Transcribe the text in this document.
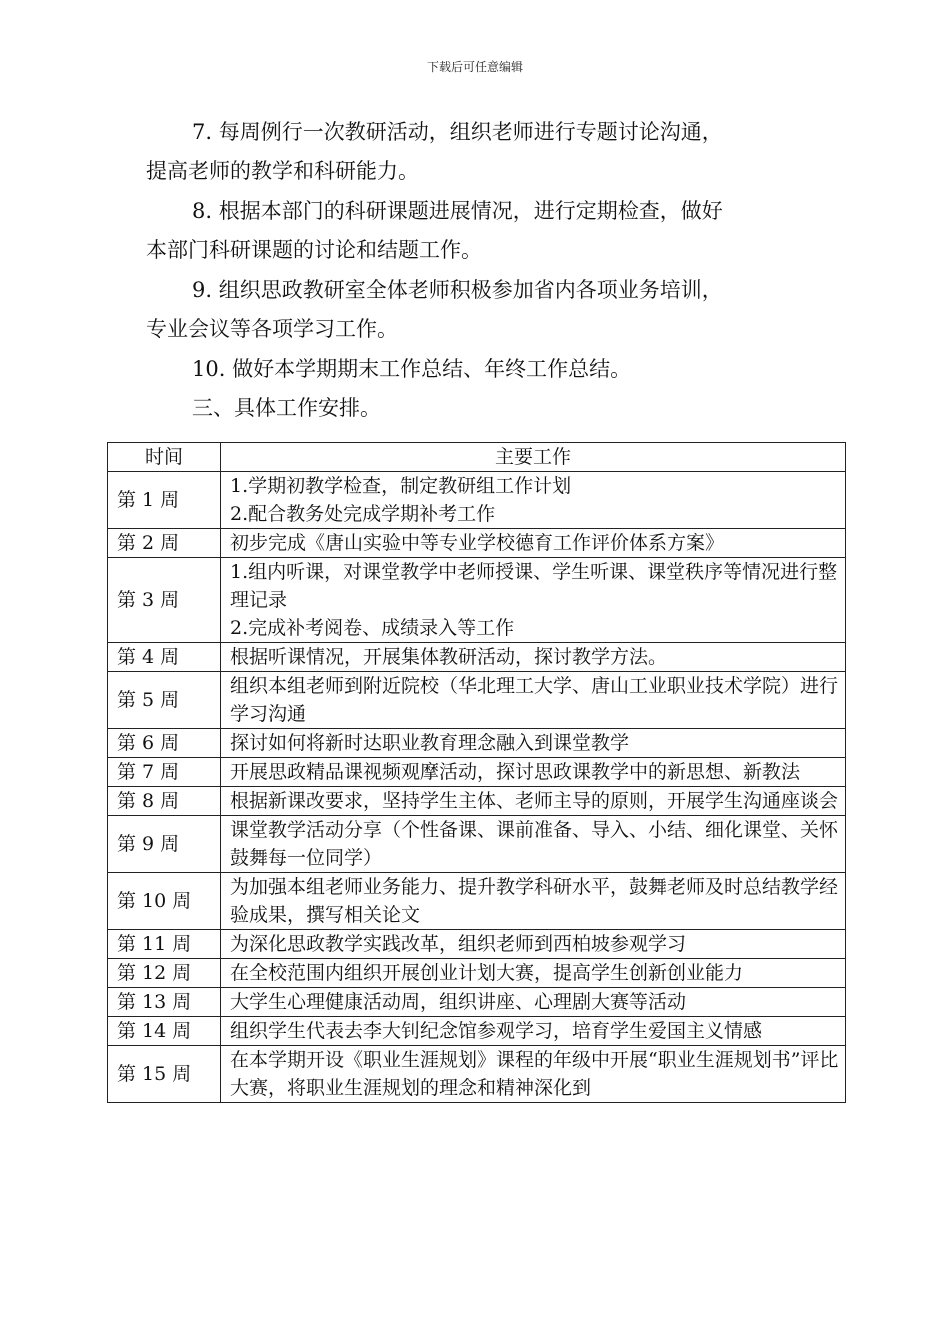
下载后可任意编辑

7. 每周例行一次教研活动，组织老师进行专题讨论沟通，
提高老师的教学和科研能力。

8. 根据本部门的科研课题进展情况，进行定期检查，做好
本部门科研课题的讨论和结题工作。

9. 组织思政教研室全体老师积极参加省内各项业务培训，
专业会议等各项学习工作。

10. 做好本学期期末工作总结、年终工作总结。

三、具体工作安排。

时间	主要工作
第 1 周	1.学期初教学检查，制定教研组工作计划
2.配合教务处完成学期补考工作

第 2 周	初步完成《唐山实验中等专业学校德育工作评价体系方案》

第 3 周	1.组内听课，对课堂教学中老师授课、学生听课、课堂秩序等情况进行整理记录
2.完成补考阅卷、成绩录入等工作

第 4 周	根据听课情况，开展集体教研活动，探讨教学方法。

第 5 周	组织本组老师到附近院校（华北理工大学、唐山工业职业技术学院）进行学习沟通

第 6 周	探讨如何将新时达职业教育理念融入到课堂教学

第 7 周	开展思政精品课视频观摩活动，探讨思政课教学中的新思想、新教法

第 8 周	根据新课改要求，坚持学生主体、老师主导的原则，开展学生沟通座谈会

第 9 周	课堂教学活动分享（个性备课、课前准备、导入、小结、细化课堂、关怀鼓舞每一位同学）

第 10 周	为加强本组老师业务能力、提升教学科研水平，鼓舞老师及时总结教学经验成果，撰写相关论文

第 11 周	为深化思政教学实践改革，组织老师到西柏坡参观学习

第 12 周	在全校范围内组织开展创业计划大赛，提高学生创新创业能力

第 13 周	大学生心理健康活动周，组织讲座、心理剧大赛等活动

第 14 周	组织学生代表去李大钊纪念馆参观学习，培育学生爱国主义情感

第 15 周	在本学期开设《职业生涯规划》课程的年级中开展“职业生涯规划书”评比大赛，将职业生涯规划的理念和精神深化到
